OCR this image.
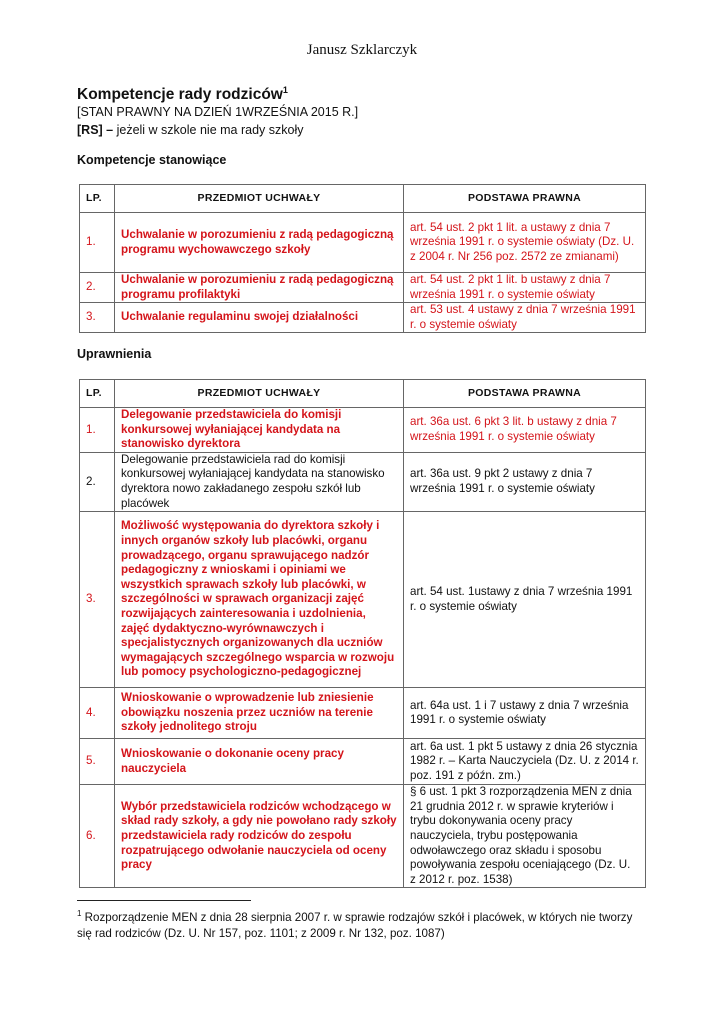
Janusz Szklarczyk
Kompetencje rady rodziców$^1$
[STAN PRAWNY NA DZIEŃ 1WRZEŚNIA 2015 R.]
[RS] – jeżeli w szkole nie ma rady szkoły
Kompetencje stanowiące
LP.	PRZEDMIOT UCHWAŁY	PODSTAWA PRAWNA
1.	Uchwalanie w porozumieniu z radą pedagogiczną programu wychowawczego szkoły	art. 54 ust. 2 pkt 1 lit. a ustawy z dnia 7 września 1991 r. o systemie oświaty (Dz. U. z 2004 r. Nr 256 poz. 2572 ze zmianami)
2.	Uchwalanie w porozumieniu z radą pedagogiczną programu profilaktyki	art. 54 ust. 2 pkt 1 lit. b ustawy z dnia 7 września 1991 r. o systemie oświaty
3.	Uchwalanie regulaminu swojej działalności	art. 53 ust. 4 ustawy z dnia 7 września 1991 r. o systemie oświaty
Uprawnienia
LP.	PRZEDMIOT UCHWAŁY	PODSTAWA PRAWNA
1.	Delegowanie przedstawiciela do komisji konkursowej wyłaniającej kandydata na stanowisko dyrektora	art. 36a ust. 6 pkt 3 lit. b ustawy z dnia 7 września 1991 r. o systemie oświaty
2.	Delegowanie przedstawiciela rad do komisji konkursowej wyłaniającej kandydata na stanowisko dyrektora nowo zakładanego zespołu szkół lub placówek	art. 36a ust. 9 pkt 2 ustawy z dnia 7 września 1991 r. o systemie oświaty
3.	Możliwość występowania do dyrektora szkoły i innych organów szkoły lub placówki, organu prowadzącego, organu sprawującego nadzór pedagogiczny z wnioskami i opiniami we wszystkich sprawach szkoły lub placówki, w szczególności w sprawach organizacji zajęć rozwijających zainteresowania i uzdolnienia, zajęć dydaktyczno-wyrównawczych i specjalistycznych organizowanych dla uczniów wymagających szczególnego wsparcia w rozwoju lub pomocy psychologiczno-pedagogicznej	art. 54 ust. 1ustawy z dnia 7 września 1991 r. o systemie oświaty
4.	Wnioskowanie o wprowadzenie lub zniesienie obowiązku noszenia przez uczniów na terenie szkoły jednolitego stroju	art. 64a ust. 1 i 7 ustawy z dnia 7 września 1991 r. o systemie oświaty
5.	Wnioskowanie o dokonanie oceny pracy nauczyciela	art. 6a ust. 1 pkt 5 ustawy z dnia 26 stycznia 1982 r. – Karta Nauczyciela (Dz. U. z 2014 r. poz. 191 z późn. zm.)
6.	Wybór przedstawiciela rodziców wchodzącego w skład rady szkoły, a gdy nie powołano rady szkoły przedstawiciela rady rodziców do zespołu rozpatrującego odwołanie nauczyciela od oceny pracy	§ 6 ust. 1 pkt 3 rozporządzenia MEN z dnia 21 grudnia 2012 r. w sprawie kryteriów i trybu dokonywania oceny pracy nauczyciela, trybu postępowania odwoławczego oraz składu i sposobu powoływania zespołu oceniającego (Dz. U. z 2012 r. poz. 1538)
$^1$ Rozporządzenie MEN z dnia 28 sierpnia 2007 r. w sprawie rodzajów szkół i placówek, w których nie tworzy się rad rodziców (Dz. U. Nr 157, poz. 1101; z 2009 r. Nr 132, poz. 1087)
